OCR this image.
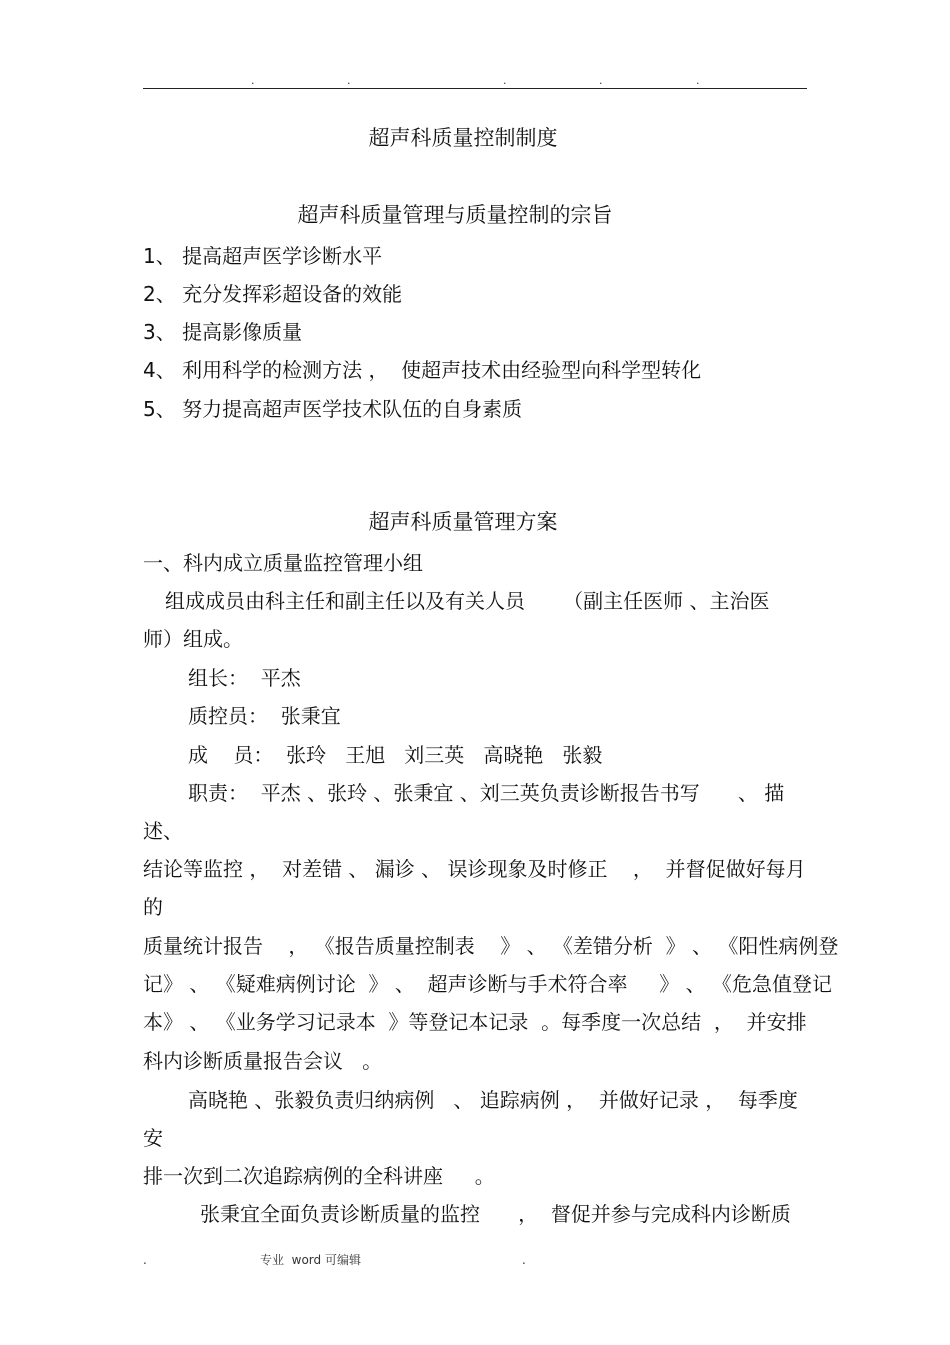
.	.	.	.	.
超声科质量控制制度
超声科质量管理与质量控制的宗旨
1、 提高超声医学诊断水平
2、 充分发挥彩超设备的效能
3、 提高影像质量
4、 利用科学的检测方法 ，  使超声技术由经验型向科学型转化
5、 努力提高超声医学技术队伍的自身素质
超声科质量管理方案
一、科内成立质量监控管理小组
组成成员由科主任和副主任以及有关人员      （副主任医师 、主治医
师）组成。
组长：  平杰
质控员：  张秉宜
成    员：  张玲   王旭   刘三英   高晓艳   张毅
职责：  平杰 、张玲 、张秉宜 、刘三英负责诊断报告书写      、 描
述、
结论等监控 ，  对差错 、 漏诊 、 误诊现象及时修正    ，  并督促做好每月
的
质量统计报告    ， 《报告质量控制表    》 、 《差错分析  》 、 《阳性病例登
记》 、 《疑难病例讨论  》 、  超声诊断与手术符合率     》 、 《危急值登记
本》 、 《业务学习记录本  》等登记本记录  。每季度一次总结  ，  并安排
科内诊断质量报告会议   。
高晓艳 、张毅负责归纳病例   、 追踪病例 ，  并做好记录 ，  每季度
安
排一次到二次追踪病例的全科讲座     。
张秉宜全面负责诊断质量的监控      ，  督促并参与完成科内诊断质
.	专业  word 可编辑	.
